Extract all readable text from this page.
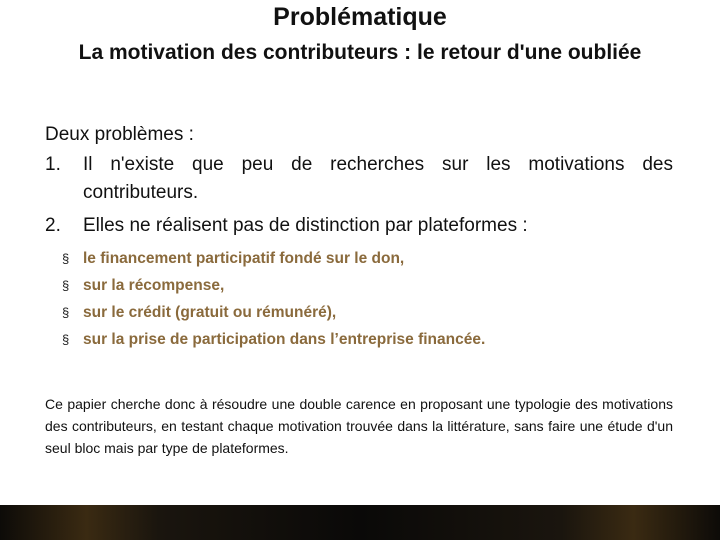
Problématique
La motivation des contributeurs : le retour d'une oubliée

Deux problèmes :

1. Il n'existe que peu de recherches sur les motivations des contributeurs.
2. Elles ne réalisent pas de distinction par plateformes :
§ le financement participatif fondé sur le don,
§ sur la récompense,
§ sur le crédit (gratuit ou rémunéré),
§ sur la prise de participation dans l’entreprise financée.

Ce papier cherche donc à résoudre une double carence en proposant une typologie des motivations des contributeurs, en testant chaque motivation trouvée dans la littérature, sans faire une étude d'un seul bloc mais par type de plateformes.
